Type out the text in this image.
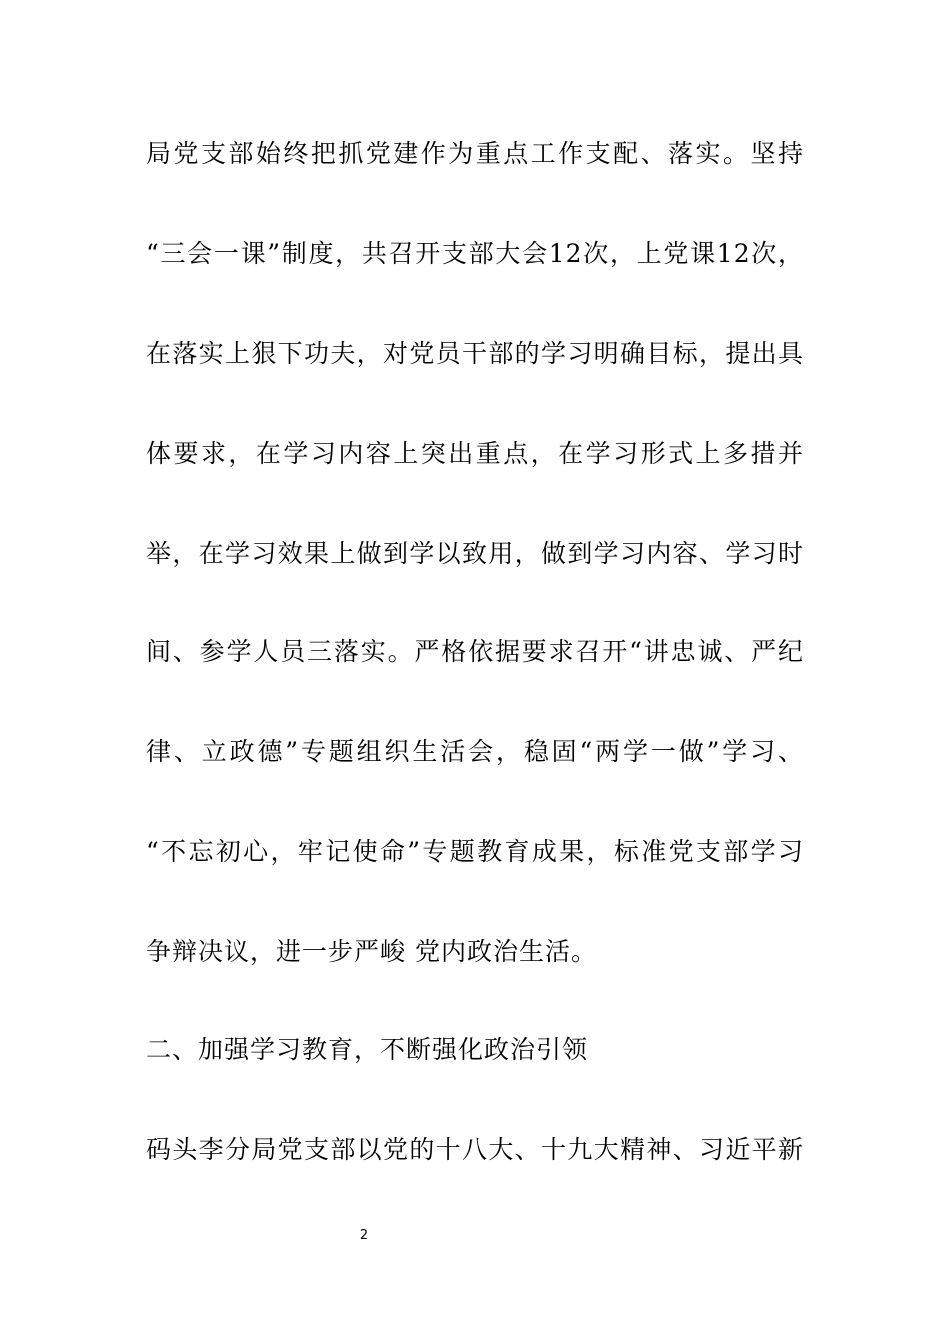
局党支部始终把抓党建作为重点工作支配、落实。坚持
“三会一课”制度，共召开支部大会12次，上党课12次，
在落实上狠下功夫，对党员干部的学习明确目标，提出具
体要求，在学习内容上突出重点，在学习形式上多措并
举，在学习效果上做到学以致用，做到学习内容、学习时
间、参学人员三落实。严格依据要求召开“讲忠诚、严纪
律、立政德”专题组织生活会，稳固“两学一做”学习、
“不忘初心，牢记使命”专题教育成果，标准党支部学习
争辩决议，进一步严峻 党内政治生活。
二、加强学习教育，不断强化政治引领
码头李分局党支部以党的十八大、十九大精神、习近平新
2
